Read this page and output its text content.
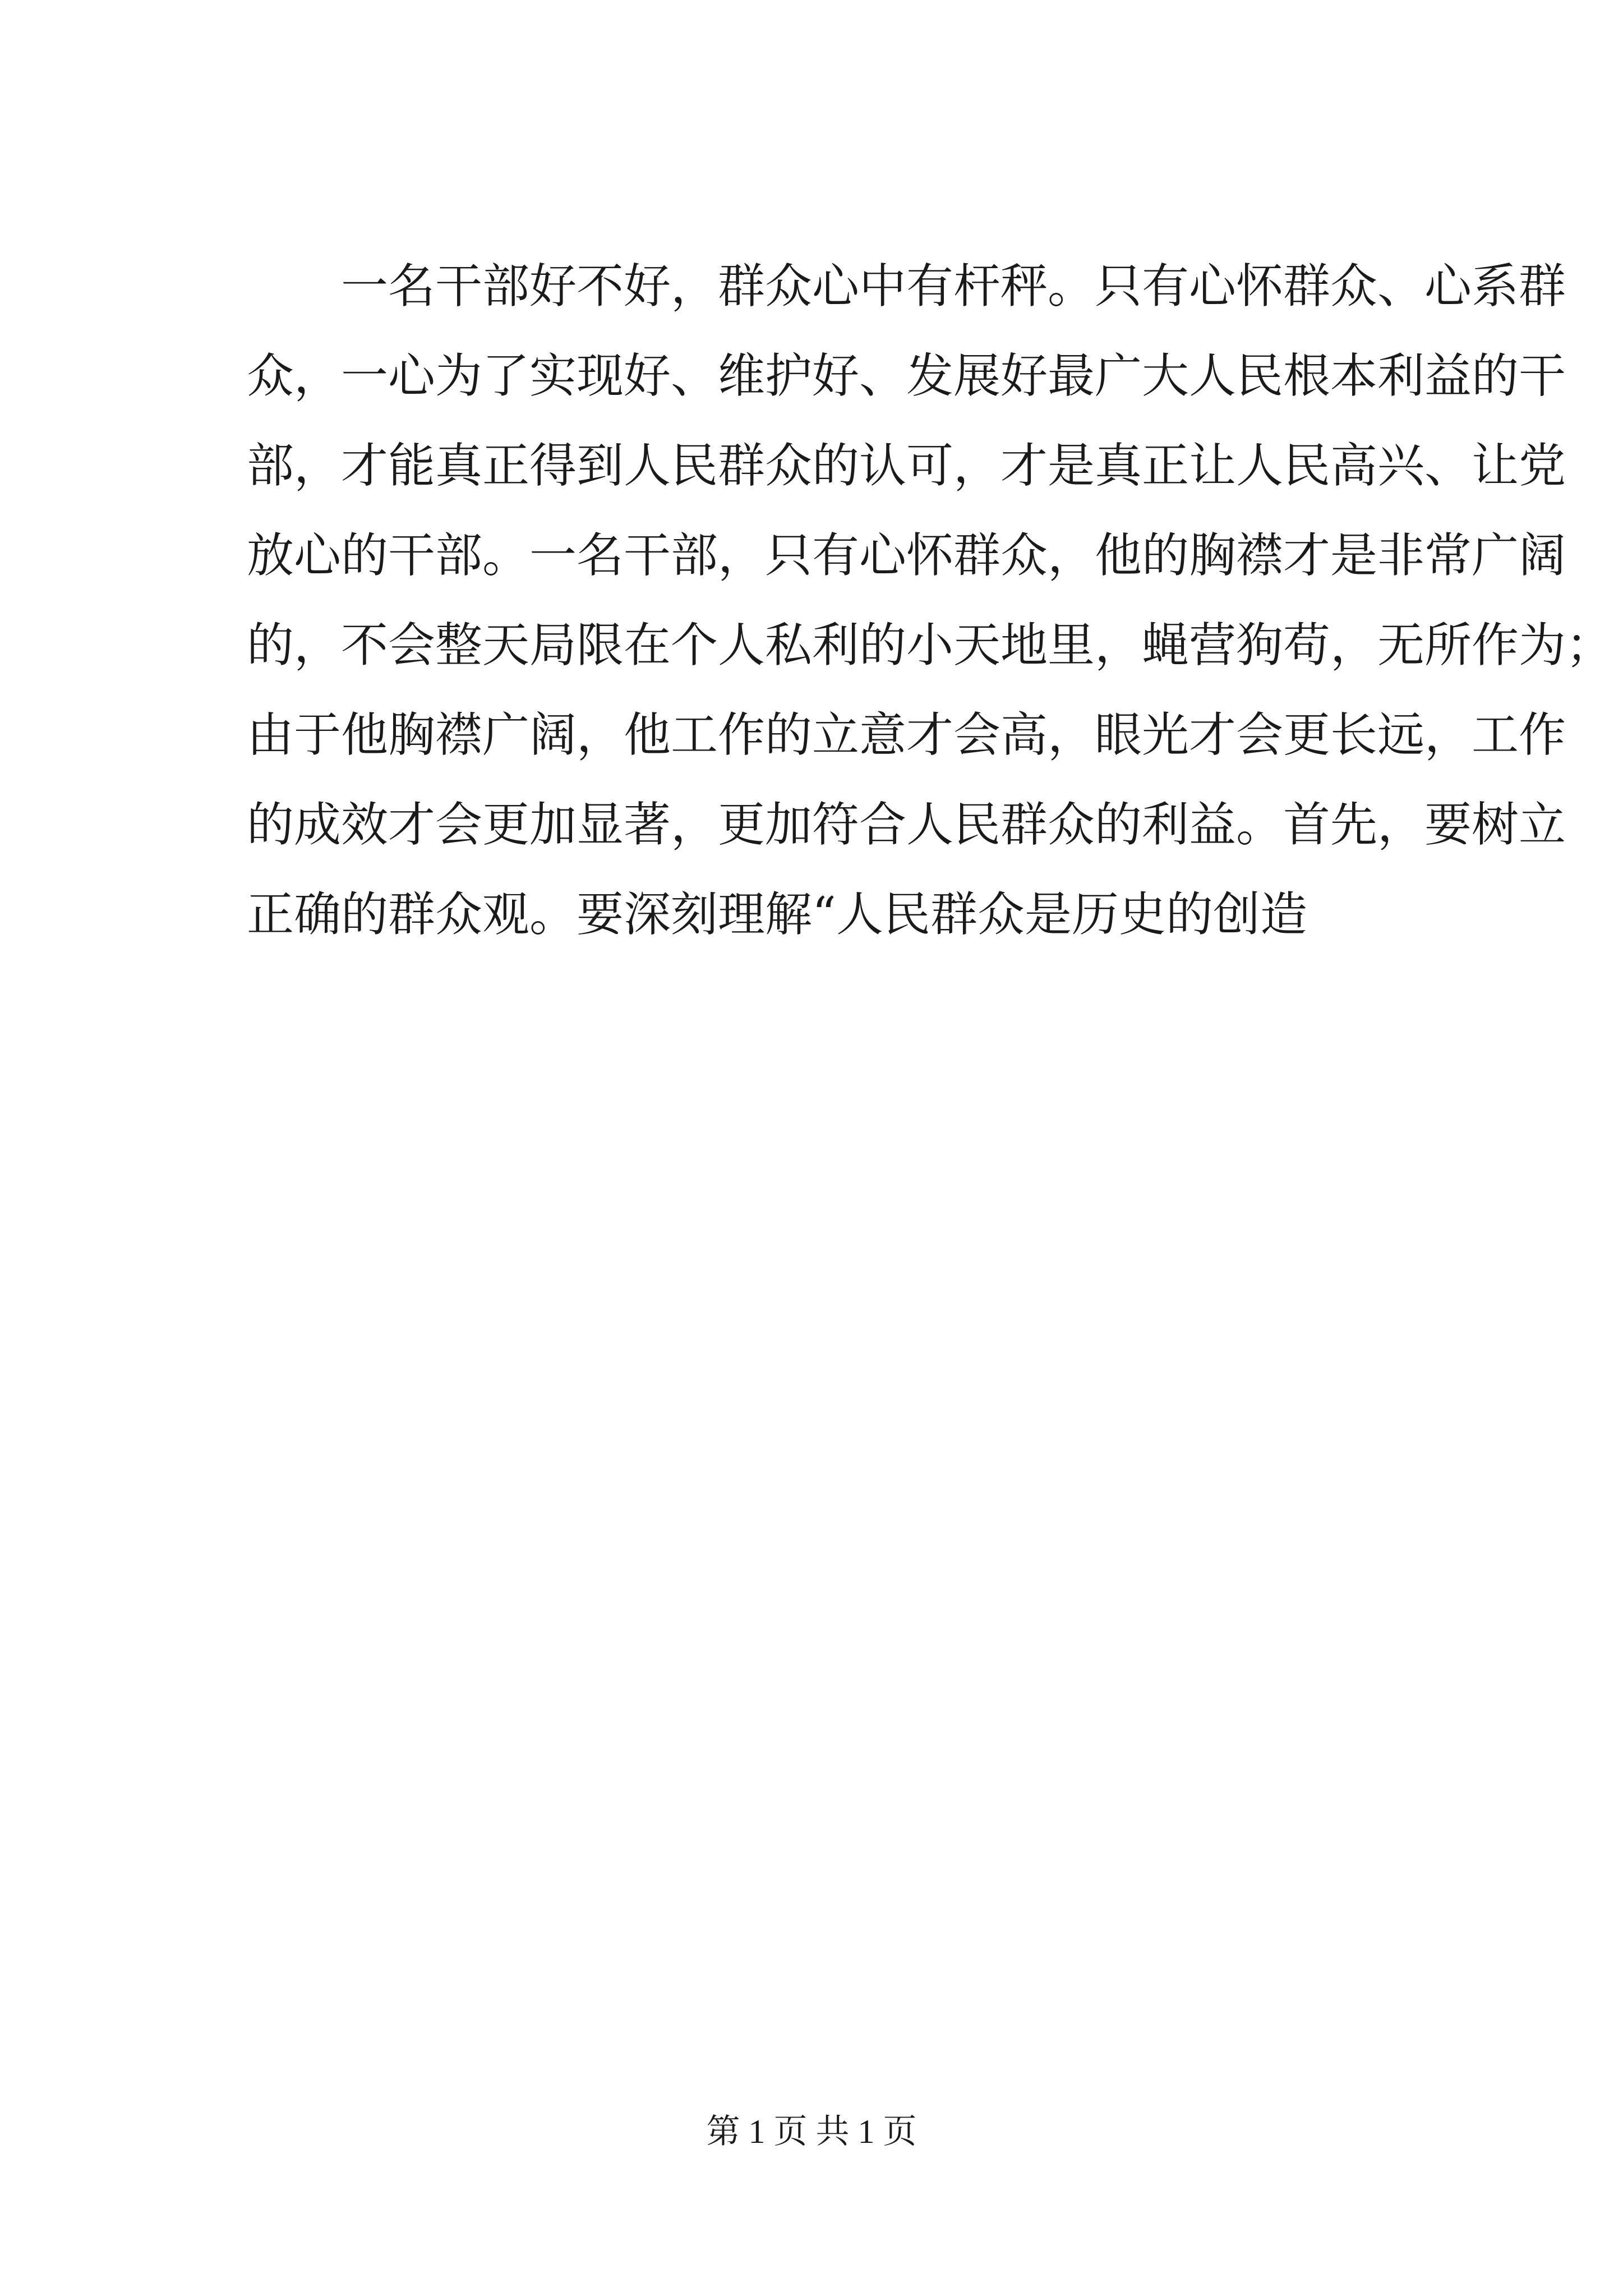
一名干部好不好，群众心中有杆秤。只有心怀群众、心系群
众，一心为了实现好、维护好、发展好最广大人民根本利益的干
部，才能真正得到人民群众的认可，才是真正让人民高兴、让党
放心的干部。一名干部，只有心怀群众，他的胸襟才是非常广阔
的，不会整天局限在个人私利的小天地里，蝇营狗苟，无所作为；
由于他胸襟广阔，他工作的立意才会高，眼光才会更长远，工作
的成效才会更加显著，更加符合人民群众的利益。首先，要树立
正确的群众观。要深刻理解“人民群众是历史的创造
第 1 页 共 1 页
